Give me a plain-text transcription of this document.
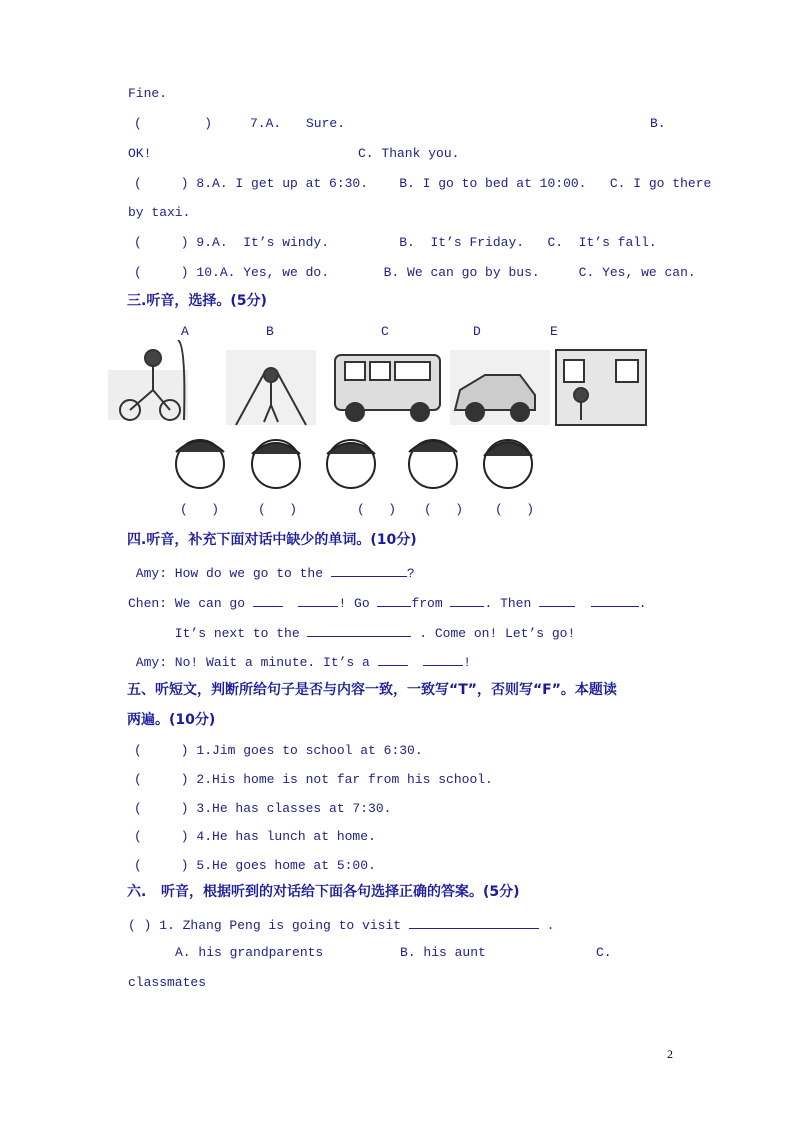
Fine.
(        )	7.A. Sure.	B.
OK!	C. Thank you.
(     ) 8.A. I get up at 6:30.    B. I go to bed at 10:00.   C. I go there
by taxi.
(     ) 9.A.  It’s windy.         B.  It’s Friday.   C.  It’s fall.
(     ) 10.A. Yes, we do.       B. We can go by bus.     C. Yes, we can.
三.听音，选择。(5分)
A	B	C	D	E
(   )	(   )	(   ) (   ) (   )
四.听音，补充下面对话中缺少的单词。(10分)
Amy: How do we go to the	?
Chen: We can go	! Go	from	. Then	.
It’s next to the	. Come on! Let’s go!
Amy: No! Wait a minute. It’s a	!
五、听短文，判断所给句子是否与内容一致，一致写“T”，否则写“F”。本题读
两遍。(10分)
(     ) 1.Jim goes to school at 6:30.
(     ) 2.His home is not far from his school.
(     ) 3.He has classes at 7:30.
(     ) 4.He has lunch at home.
(     ) 5.He goes home at 5:00.
六.   听音，根据听到的对话给下面各句选择正确的答案。(5分)
( ) 1. Zhang Peng is going to visit	.
A. his grandparents	B. his aunt	C.
classmates
2
